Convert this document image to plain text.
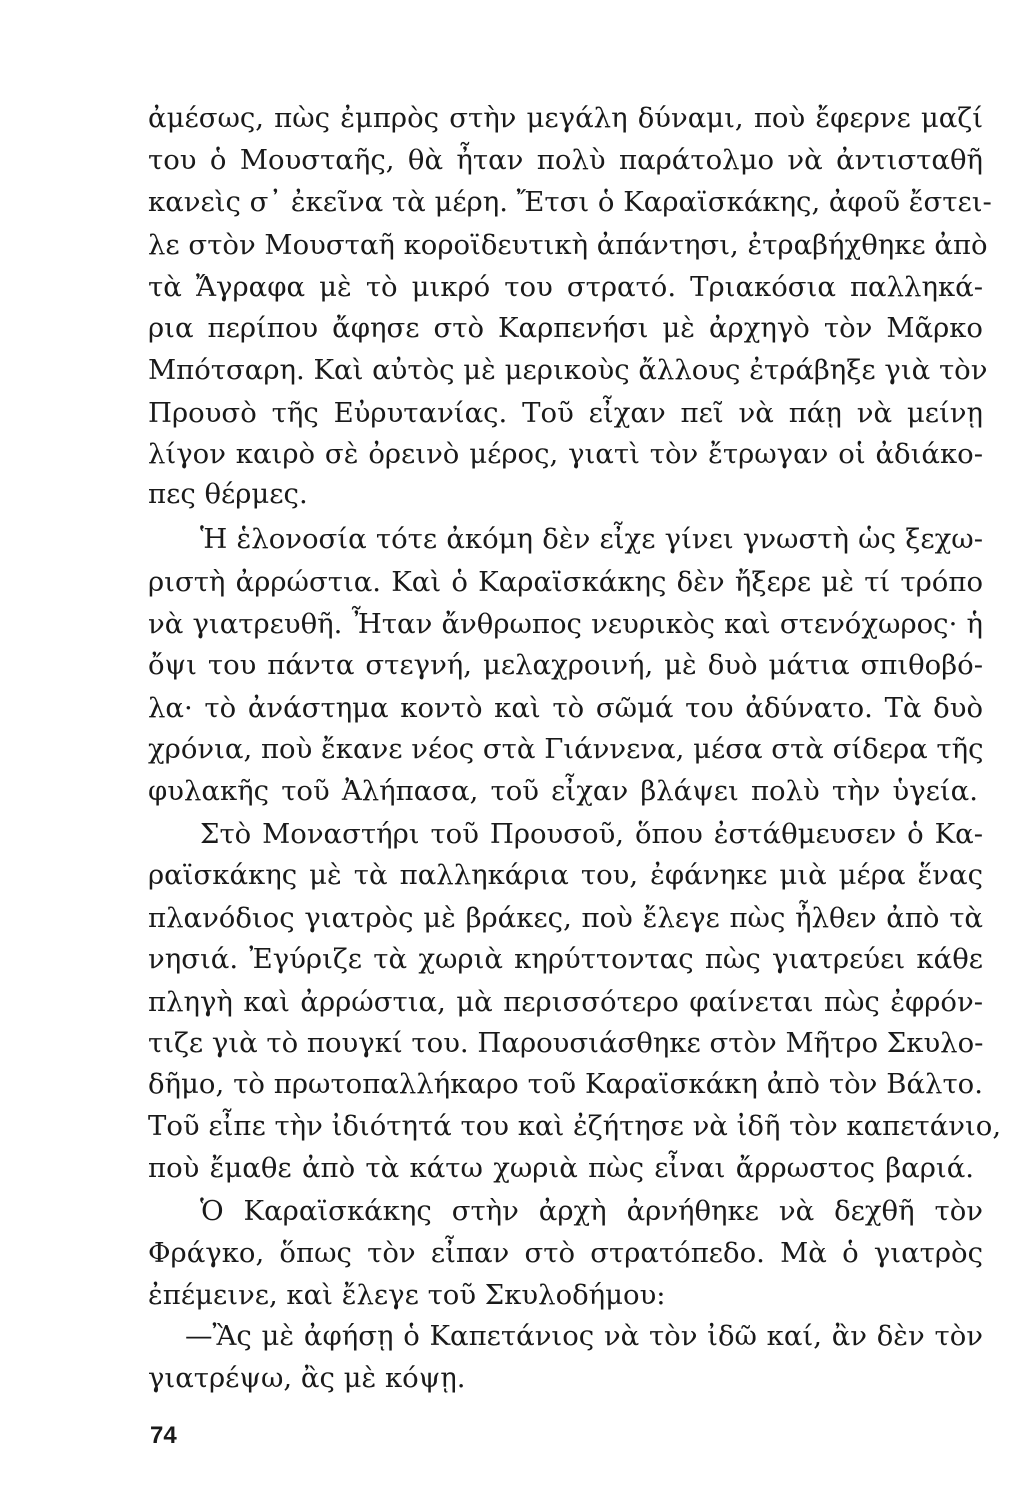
ἀμέσως, πὼς ἐμπρὸς στὴν μεγάλη δύναμι, ποὺ ἔφερνε μαζί
του ὁ Μουσταῆς, θὰ ἦταν πολὺ παράτολμο νὰ ἀντισταθῆ
κανεὶς σ᾿ ἐκεῖνα τὰ μέρη. Ἔτσι ὁ Καραϊσκάκης, ἀφοῦ ἔστει-
λε στὸν Μουσταῆ κοροϊδευτικὴ ἀπάντησι, ἐτραβήχθηκε ἀπὸ
τὰ Ἄγραφα μὲ τὸ μικρό του στρατό. Τριακόσια παλληκά-
ρια περίπου ἄφησε στὸ Καρπενήσι μὲ ἀρχηγὸ τὸν Μᾶρκο
Μπότσαρη. Καὶ αὐτὸς μὲ μερικοὺς ἄλλους ἐτράβηξε γιὰ τὸν
Προυσὸ τῆς Εὐρυτανίας. Τοῦ εἶχαν πεῖ νὰ πάῃ νὰ μείνῃ
λίγον καιρὸ σὲ ὀρεινὸ μέρος, γιατὶ τὸν ἔτρωγαν οἱ ἀδιάκο-
πες θέρμες.
Ἡ ἑλονοσία τότε ἀκόμη δὲν εἶχε γίνει γνωστὴ ὡς ξεχω-
ριστὴ ἀρρώστια. Καὶ ὁ Καραϊσκάκης δὲν ἤξερε μὲ τί τρόπο
νὰ γιατρευθῆ. Ἦταν ἄνθρωπος νευρικὸς καὶ στενόχωρος· ἡ
ὄψι του πάντα στεγνή, μελαχροινή, μὲ δυὸ μάτια σπιθοβό-
λα· τὸ ἀνάστημα κοντὸ καὶ τὸ σῶμά του ἀδύνατο. Τὰ δυὸ
χρόνια, ποὺ ἔκανε νέος στὰ Γιάννενα, μέσα στὰ σίδερα τῆς
φυλακῆς τοῦ Ἀλήπασα, τοῦ εἶχαν βλάψει πολὺ τὴν ὑγεία.
Στὸ Μοναστήρι τοῦ Προυσοῦ, ὅπου ἐστάθμευσεν ὁ Κα-
ραϊσκάκης μὲ τὰ παλληκάρια του, ἐφάνηκε μιὰ μέρα ἕνας
πλανόδιος γιατρὸς μὲ βράκες, ποὺ ἔλεγε πὼς ἦλθεν ἀπὸ τὰ
νησιά. Ἐγύριζε τὰ χωριὰ κηρύττοντας πὼς γιατρεύει κάθε
πληγὴ καὶ ἀρρώστια, μὰ περισσότερο φαίνεται πὼς ἐφρόν-
τιζε γιὰ τὸ πουγκί του. Παρουσιάσθηκε στὸν Μῆτρο Σκυλο-
δῆμο, τὸ πρωτοπαλλήκαρο τοῦ Καραϊσκάκη ἀπὸ τὸν Βάλτο.
Τοῦ εἶπε τὴν ἰδιότητά του καὶ ἐζήτησε νὰ ἰδῆ τὸν καπετάνιο,
ποὺ ἔμαθε ἀπὸ τὰ κάτω χωριὰ πὼς εἶναι ἄρρωστος βαριά.
Ὁ Καραϊσκάκης στὴν ἀρχὴ ἀρνήθηκε νὰ δεχθῆ τὸν
Φράγκο, ὅπως τὸν εἶπαν στὸ στρατόπεδο. Μὰ ὁ γιατρὸς
ἐπέμεινε, καὶ ἔλεγε τοῦ Σκυλοδήμου:
—Ἂς μὲ ἀφήσῃ ὁ Καπετάνιος νὰ τὸν ἰδῶ καί, ἂν δὲν τὸν
γιατρέψω, ἂς μὲ κόψῃ.
74
